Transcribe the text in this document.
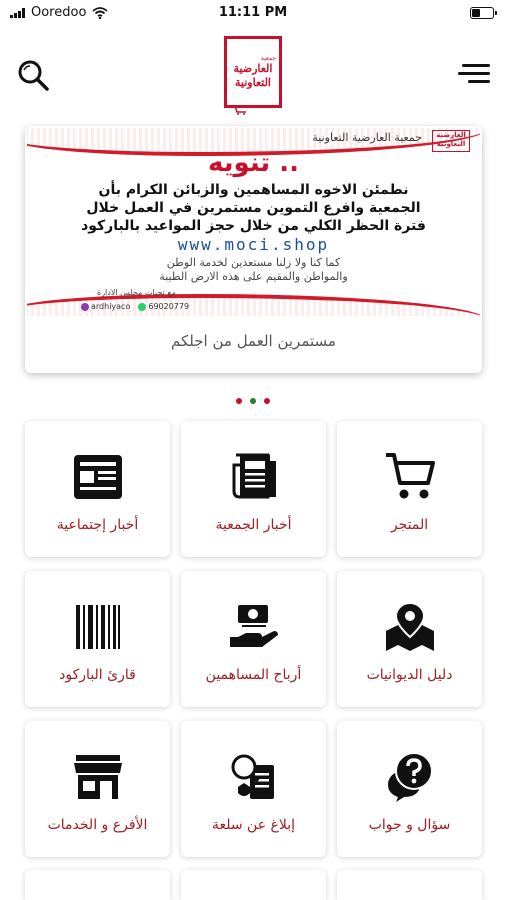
Ooredoo	11:11 PM
جمعية
العارضية
التعاونية
جمعية العارضية التعاونية	العارضية التعاونية
تنويه ..
نطمئن الاخوه المساهمين والزبائن الكرام بأن
الجمعية وافرع التموين مستمرين في العمل خلال
فترة الحظر الكلي من خلال حجز المواعيد بالباركود
www.moci.shop
كما كنا ولا زلنا مستعدين لخدمة الوطن
والمواطن والمقيم على هذه الارض الطيبة
مع تحيات مجلس الادارة
ardhiyaco	69020779
مستمرين العمل من اجلكم
المتجر
أخبار الجمعية
أخبار إجتماعية
دليل الديوانيات
أرباح المساهمين
قارئ الباركود
سؤال و جواب
إبلاغ عن سلعة
الأفرع و الخدمات
